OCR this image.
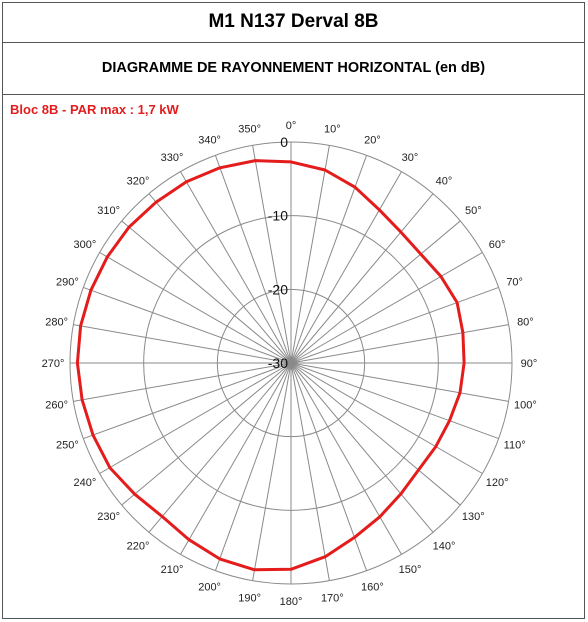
M1 N137 Derval 8B
DIAGRAMME DE RAYONNEMENT HORIZONTAL (en dB)
Bloc 8B - PAR max : 1,7 kW
0
-10
-20
-30
0°	10°
20°
30°
40°
50°
60°
70°
80°
90°
100°
110°
120°
130°
140°
150°
160°
170°
180°
190°
200°
210°
220°
230°
240°
250°
260°
270°
280°
290°
300°
310°
320°
330°
340°
350°
